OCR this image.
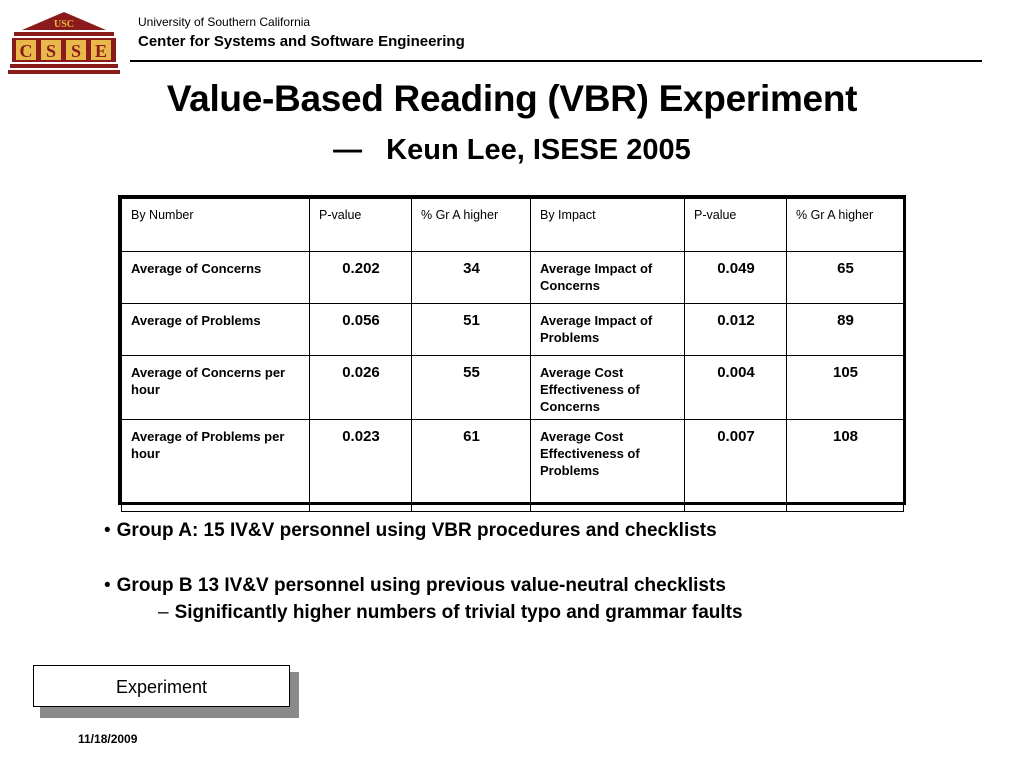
USC
C S S E
University of Southern California
Center for Systems and Software Engineering
Value-Based Reading (VBR) Experiment
— Keun Lee, ISESE 2005
By Number	P-value	% Gr A higher	By Impact	P-value	% Gr A higher
Average of Concerns	0.202	34	Average Impact of Concerns	0.049	65
Average of Problems	0.056	51	Average Impact of Problems	0.012	89
Average of Concerns per hour	0.026	55	Average Cost Effectiveness of Concerns	0.004	105
Average of Problems per hour	0.023	61	Average Cost Effectiveness of Problems	0.007	108
• Group A: 15 IV&V personnel using VBR procedures and checklists
• Group B 13 IV&V personnel using previous value-neutral checklists
– Significantly higher numbers of trivial typo and grammar faults
Experiment
11/18/2009
